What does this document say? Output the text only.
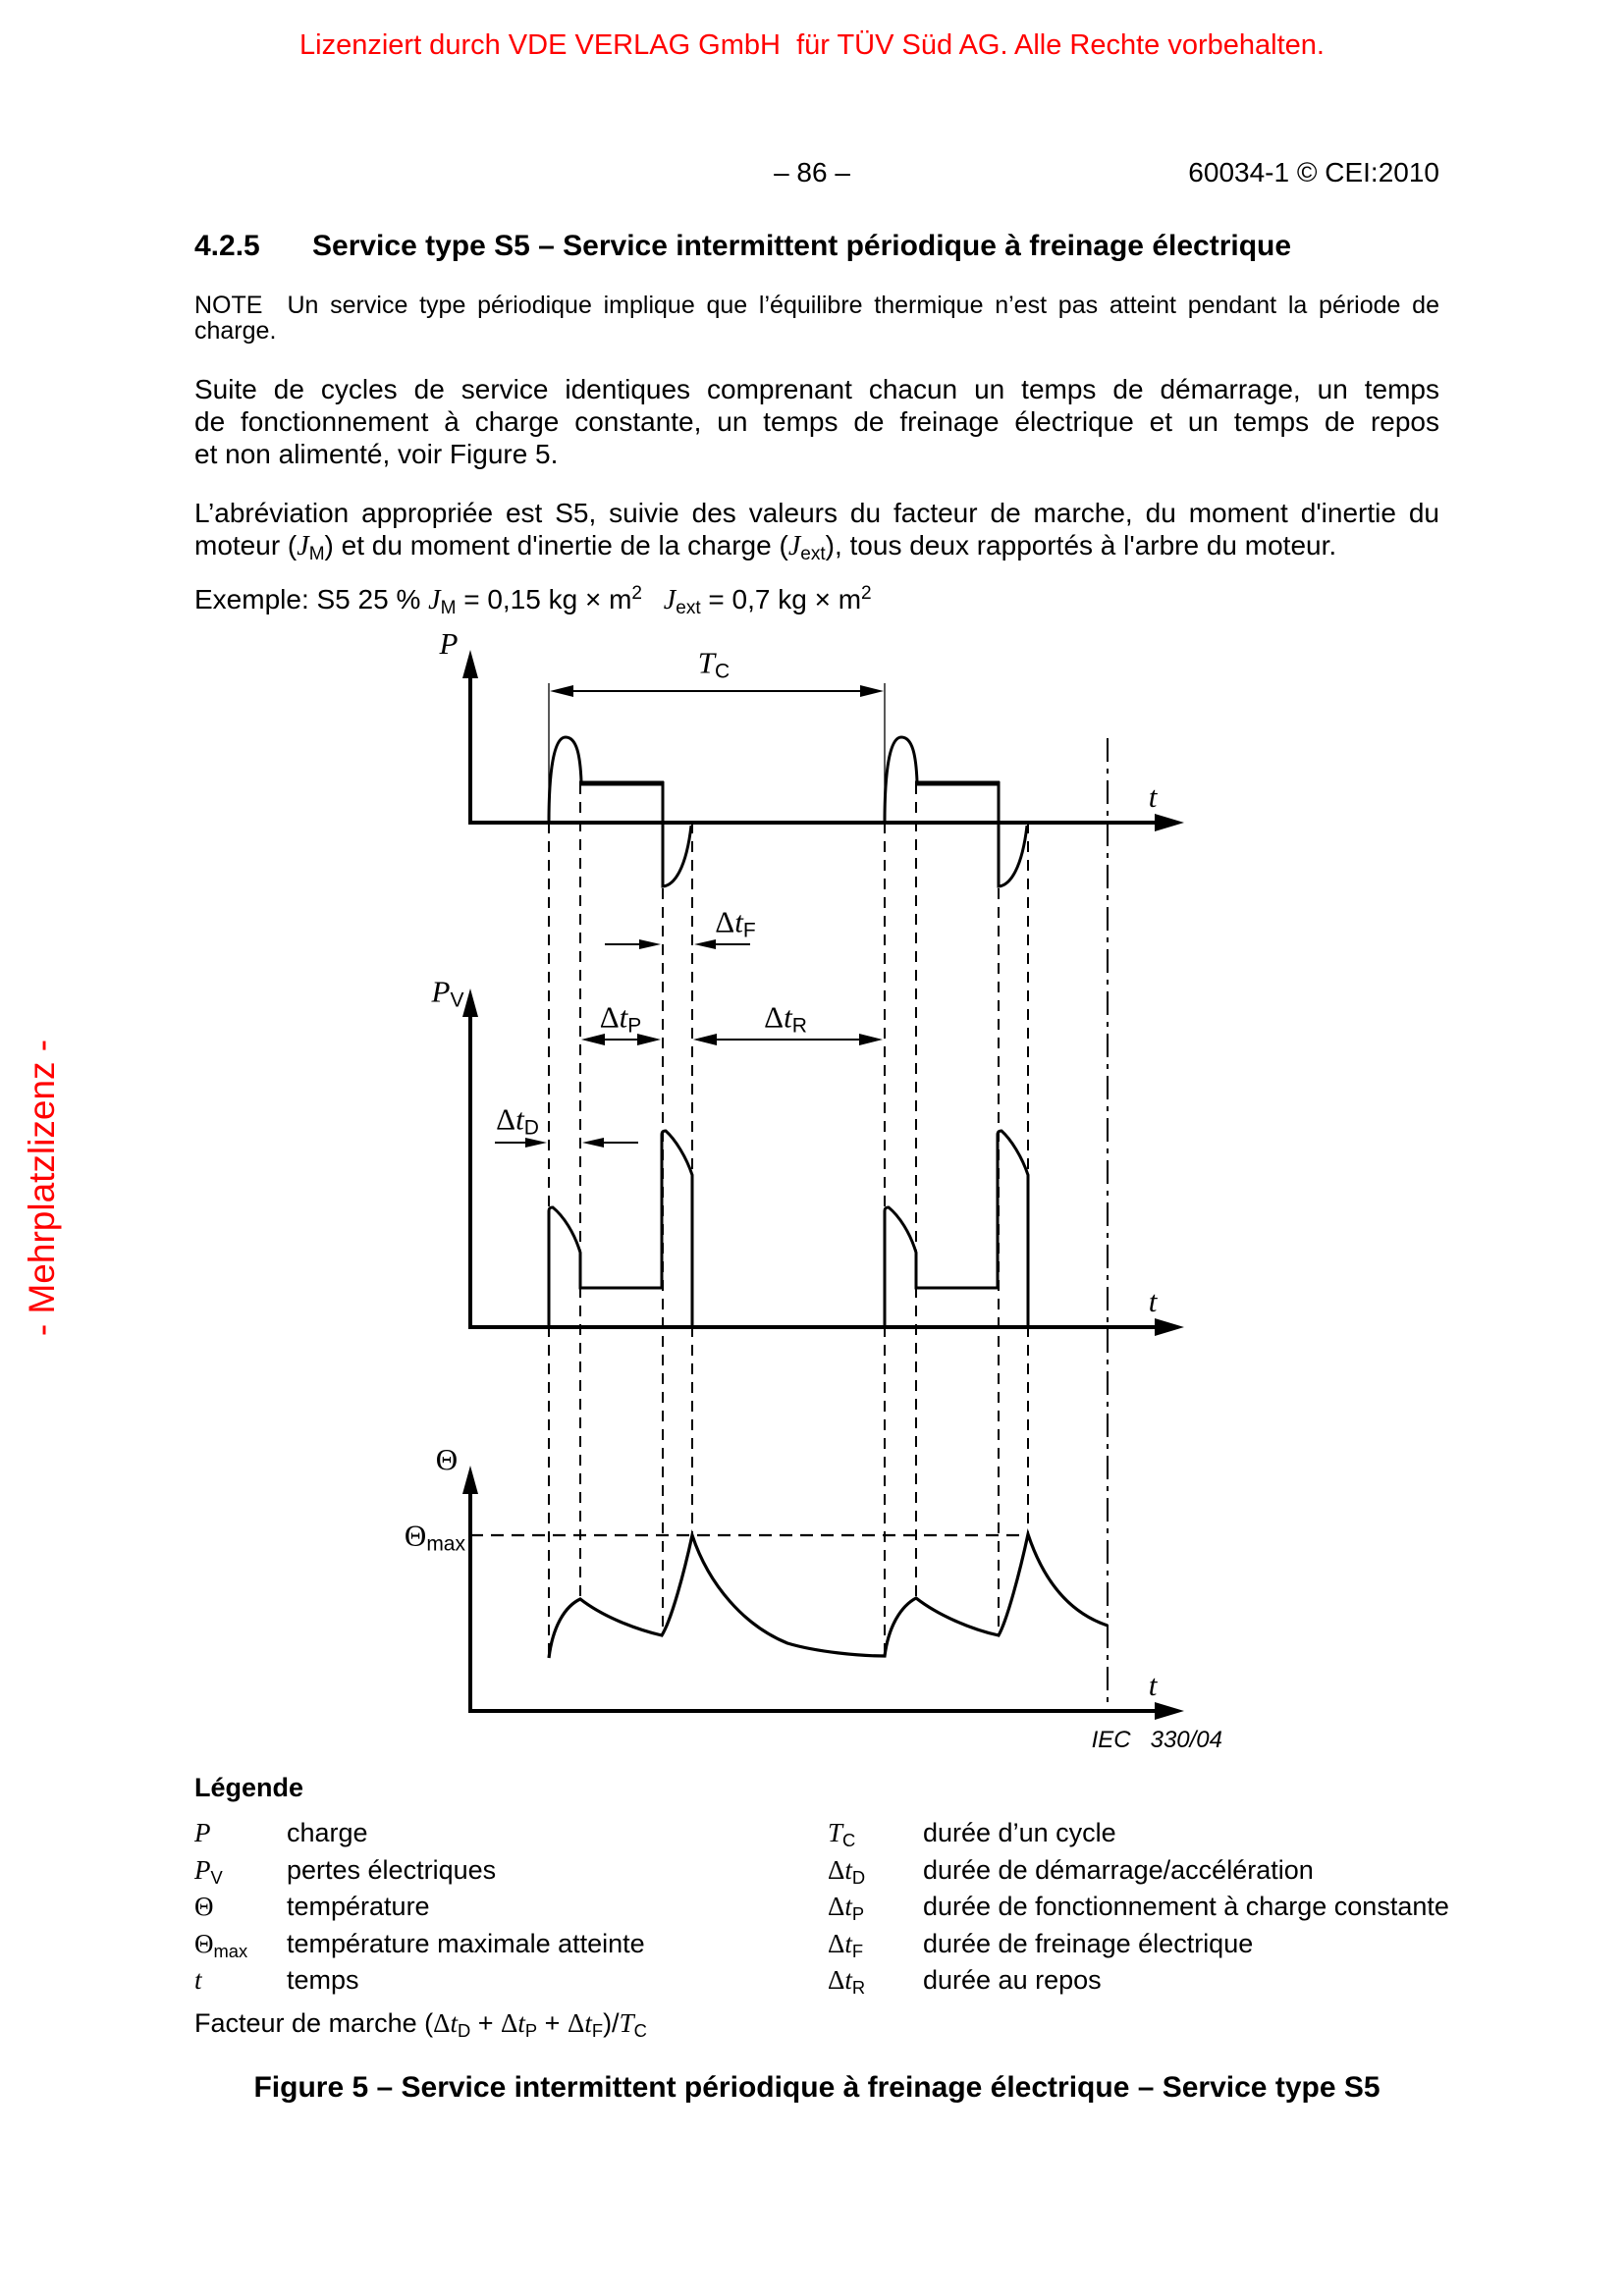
Lizenziert durch VDE VERLAG GmbH  für TÜV Süd AG. Alle Rechte vorbehalten.
- Mehrplatzlizenz -
– 86 –	60034-1 © CEI:2010
4.2.5	Service type S5 – Service intermittent périodique à freinage électrique
NOTE  Un service type périodique implique que l’équilibre thermique n’est pas atteint pendant la période de
charge.
Suite de cycles de service identiques comprenant chacun un temps de démarrage, un temps
de fonctionnement à charge constante, un temps de freinage électrique et un temps de repos
et non alimenté, voir Figure 5.
L’abréviation appropriée est S5, suivie des valeurs du facteur de marche, du moment d'inertie du
moteur $(J_M)$ et du moment d'inertie de la charge $(J_{ext})$, tous deux rapportés à l'arbre du moteur.
Exemple: S5 25 % $J_M = 0,15$ kg × $m^2$  $J_{ext} = 0,7$ kg × $m^2$
P
$T_C$
t
$\Delta t_F$
$P_V$	$\Delta t_P$	$\Delta t_R$
$\Delta t_D$
t
Θ
$\Theta_{max}$
t
IEC   330/04
Légende
P	charge
$P_V$	pertes électriques
Θ	température
$\Theta_{max}$	température maximale atteinte
t	temps
$T_C$	durée d’un cycle
$\Delta t_D$	durée de démarrage/accélération
$\Delta t_P$	durée de fonctionnement à charge constante
$\Delta t_F$	durée de freinage électrique
$\Delta t_R$	durée au repos
Facteur de marche $(\Delta t_D + \Delta t_P + \Delta t_F)/T_C$
Figure 5 – Service intermittent périodique à freinage électrique – Service type S5
